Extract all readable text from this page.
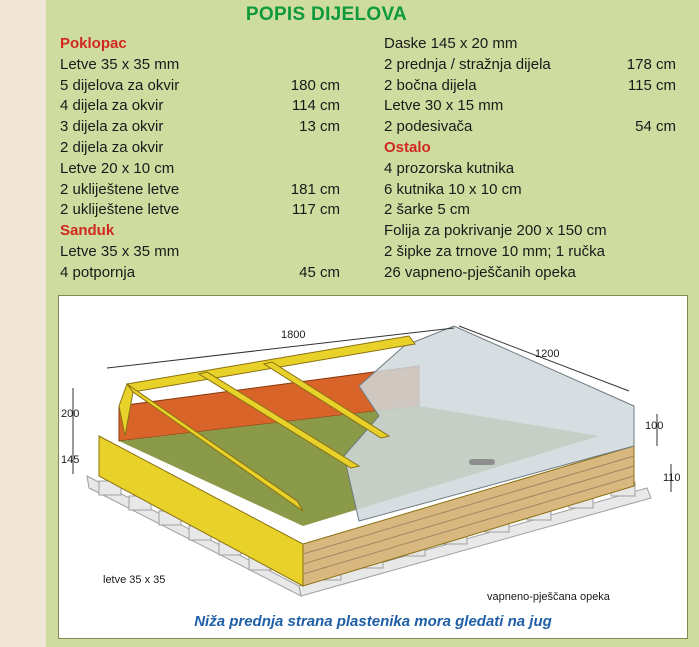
POPIS DIJELOVA
Poklopac
Letve 35 x 35 mm
5 dijelova za okvir	180 cm
4 dijela za okvir	114 cm
3 dijela za okvir	13 cm
2 dijela za okvir
Letve 20 x 10 cm
2 ukliještene letve	181 cm
2 ukliještene letve	117 cm
Sanduk
Letve 35 x 35 mm
4 potpornja	45 cm
Daske 145 x 20 mm
2 prednja / stražnja dijela	178 cm
2 bočna dijela	115 cm
Letve 30 x 15 mm
2 podesivača	54 cm
Ostalo
4 prozorska kutnika
6 kutnika 10 x 10 cm
2 šarke 5 cm
Folija za pokrivanje 200 x 150 cm
2 šipke za trnove 10 mm; 1 ručka
26 vapneno-pješčanih opeka
1800
1200
200
145
100
110
letve 35 x 35
vapneno-pješčana opeka
Niža prednja strana plastenika mora gledati na jug
